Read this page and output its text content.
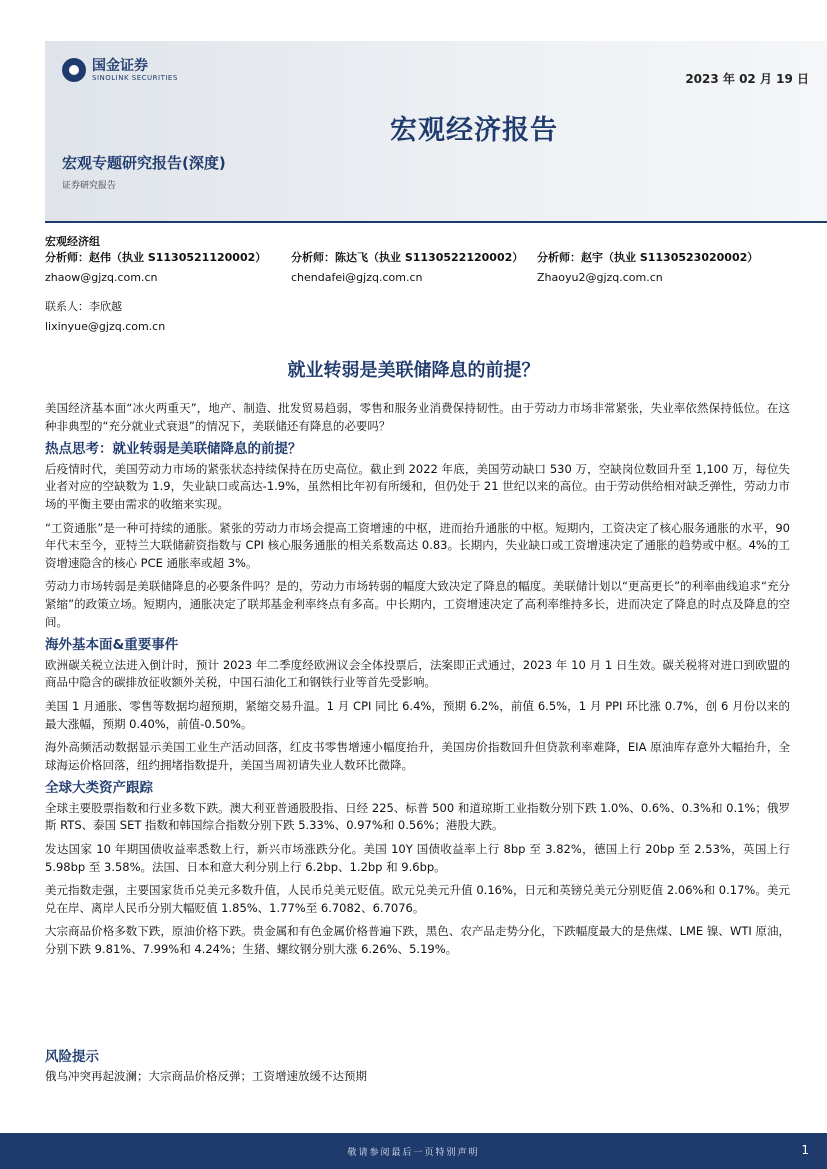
国金证券
SINOLINK SECURITIES	2023 年 02 月 19 日
宏观经济报告
宏观专题研究报告(深度)
证券研究报告
宏观经济组
分析师：赵伟（执业 S1130521120002）
zhaow@gjzq.com.cn
分析师：陈达飞（执业 S1130522120002）
chendafei@gjzq.com.cn
分析师：赵宇（执业 S1130523020002）
Zhaoyu2@gjzq.com.cn
联系人：李欣越
lixinyue@gjzq.com.cn
就业转弱是美联储降息的前提？

美国经济基本面“冰火两重天”，地产、制造、批发贸易趋弱，零售和服务业消费保持韧性。由于劳动力市场非常紧张，失业率依然保持低位。在这种非典型的“充分就业式衰退”的情况下，美联储还有降息的必要吗？

热点思考：就业转弱是美联储降息的前提？

后疫情时代，美国劳动力市场的紧张状态持续保持在历史高位。截止到 2022 年底，美国劳动缺口 530 万，空缺岗位数回升至 1,100 万，每位失业者对应的空缺数为 1.9，失业缺口或高达-1.9%，虽然相比年初有所缓和，但仍处于 21 世纪以来的高位。由于劳动供给相对缺乏弹性，劳动力市场的平衡主要由需求的收缩来实现。

“工资通胀”是一种可持续的通胀。紧张的劳动力市场会提高工资增速的中枢，进而抬升通胀的中枢。短期内，工资决定了核心服务通胀的水平，90 年代末至今，亚特兰大联储薪资指数与 CPI 核心服务通胀的相关系数高达 0.83。长期内，失业缺口或工资增速决定了通胀的趋势或中枢。4%的工资增速隐含的核心 PCE 通胀率或超 3%。

劳动力市场转弱是美联储降息的必要条件吗？是的，劳动力市场转弱的幅度大致决定了降息的幅度。美联储计划以“更高更长”的利率曲线追求“充分紧缩”的政策立场。短期内，通胀决定了联邦基金利率终点有多高。中长期内，工资增速决定了高利率维持多长，进而决定了降息的时点及降息的空间。

海外基本面&重要事件

欧洲碳关税立法进入倒计时，预计 2023 年二季度经欧洲议会全体投票后，法案即正式通过，2023 年 10 月 1 日生效。碳关税将对进口到欧盟的商品中隐含的碳排放征收额外关税，中国石油化工和钢铁行业等首先受影响。

美国 1 月通胀、零售等数据均超预期，紧缩交易升温。1 月 CPI 同比 6.4%，预期 6.2%，前值 6.5%，1 月 PPI 环比涨 0.7%，创 6 月份以来的最大涨幅，预期 0.40%，前值-0.50%。

海外高频活动数据显示美国工业生产活动回落，红皮书零售增速小幅度抬升，美国房价指数回升但贷款利率难降，EIA 原油库存意外大幅抬升，全球海运价格回落，纽约拥堵指数提升，美国当周初请失业人数环比微降。

全球大类资产跟踪

全球主要股票指数和行业多数下跌。澳大利亚普通股股指、日经 225、标普 500 和道琼斯工业指数分别下跌 1.0%、0.6%、0.3%和 0.1%；俄罗斯 RTS、泰国 SET 指数和韩国综合指数分别下跌 5.33%、0.97%和 0.56%；港股大跌。

发达国家 10 年期国债收益率悉数上行，新兴市场涨跌分化。美国 10Y 国债收益率上行 8bp 至 3.82%，德国上行 20bp 至 2.53%，英国上行 5.98bp 至 3.58%。法国、日本和意大利分别上行 6.2bp、1.2bp 和 9.6bp。

美元指数走强，主要国家货币兑美元多数升值，人民币兑美元贬值。欧元兑美元升值 0.16%，日元和英镑兑美元分别贬值 2.06%和 0.17%。美元兑在岸、离岸人民币分别大幅贬值 1.85%、1.77%至 6.7082、6.7076。

大宗商品价格多数下跌，原油价格下跌。贵金属和有色金属价格普遍下跌，黑色、农产品走势分化，下跌幅度最大的是焦煤、LME 镍、WTI 原油，分别下跌 9.81%、7.99%和 4.24%；生猪、螺纹钢分别大涨 6.26%、5.19%。

风险提示
俄乌冲突再起波澜；大宗商品价格反弹；工资增速放缓不达预期
敬请参阅最后一页特别声明	1
